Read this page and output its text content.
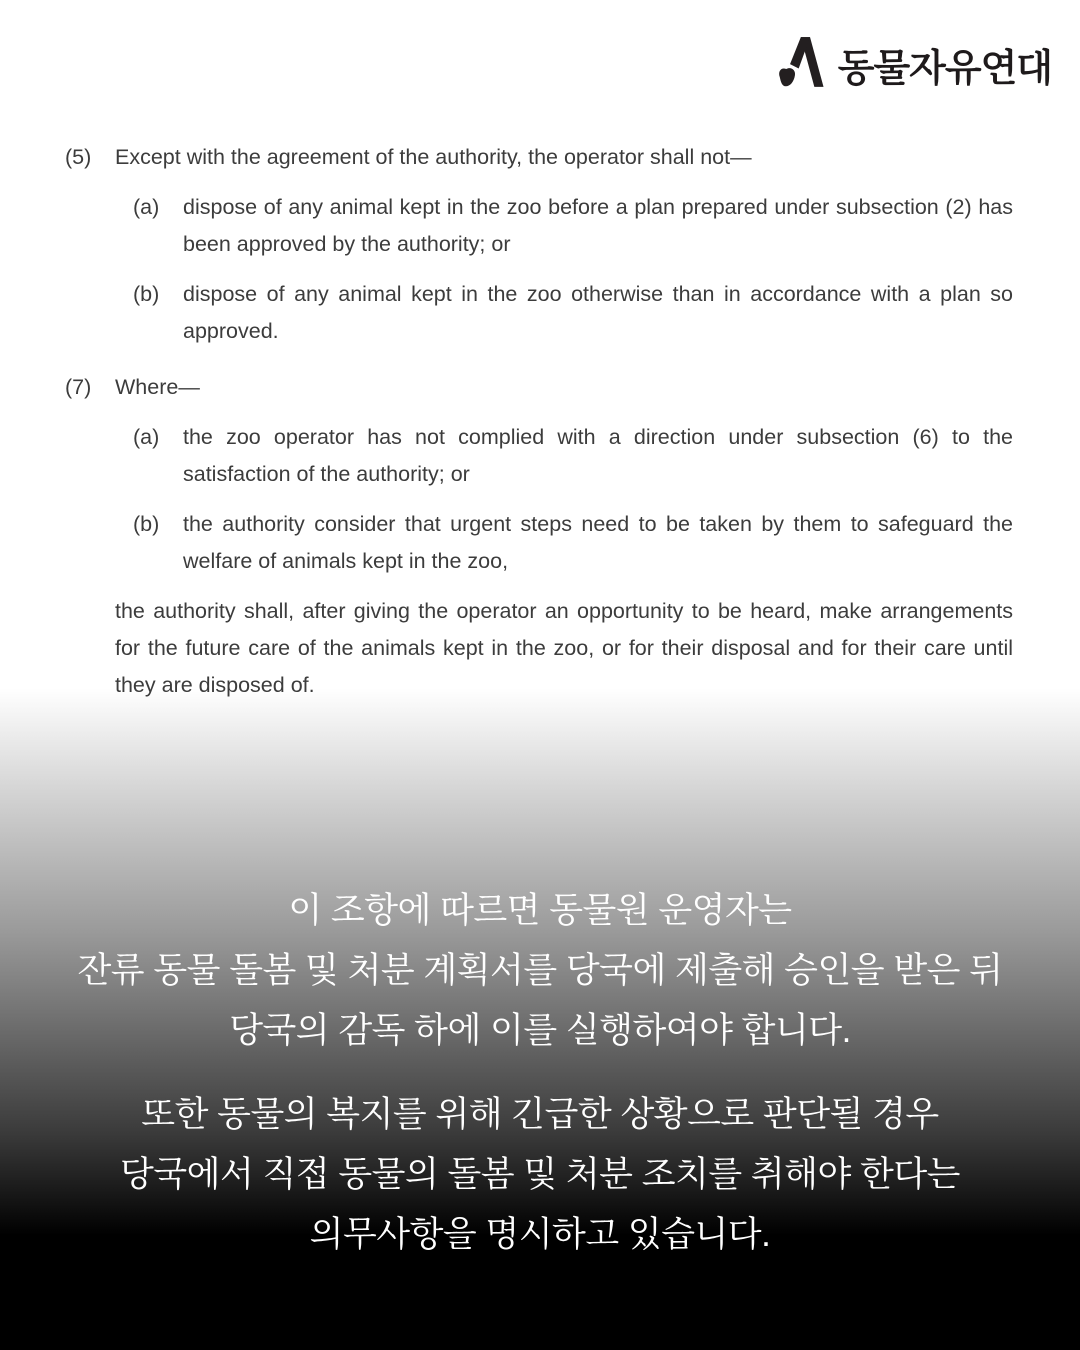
동물자유연대
(5)	Except with the agreement of the authority, the operator shall not—

(a)	dispose of any animal kept in the zoo before a plan prepared under subsection (2) has been approved by the authority; or

(b)	dispose of any animal kept in the zoo otherwise than in accordance with a plan so approved.

(7)	Where—

(a)	the zoo operator has not complied with a direction under subsection (6) to the satisfaction of the authority; or

(b)	the authority consider that urgent steps need to be taken by them to safeguard the welfare of animals kept in the zoo,

the authority shall, after giving the operator an opportunity to be heard, make arrangements for the future care of the animals kept in the zoo, or for their disposal and for their care until they are disposed of.

이 조항에 따르면 동물원 운영자는
잔류 동물 돌봄 및 처분 계획서를 당국에 제출해 승인을 받은 뒤
당국의 감독 하에 이를 실행하여야 합니다.

또한 동물의 복지를 위해 긴급한 상황으로 판단될 경우
당국에서 직접 동물의 돌봄 및 처분 조치를 취해야 한다는
의무사항을 명시하고 있습니다.
